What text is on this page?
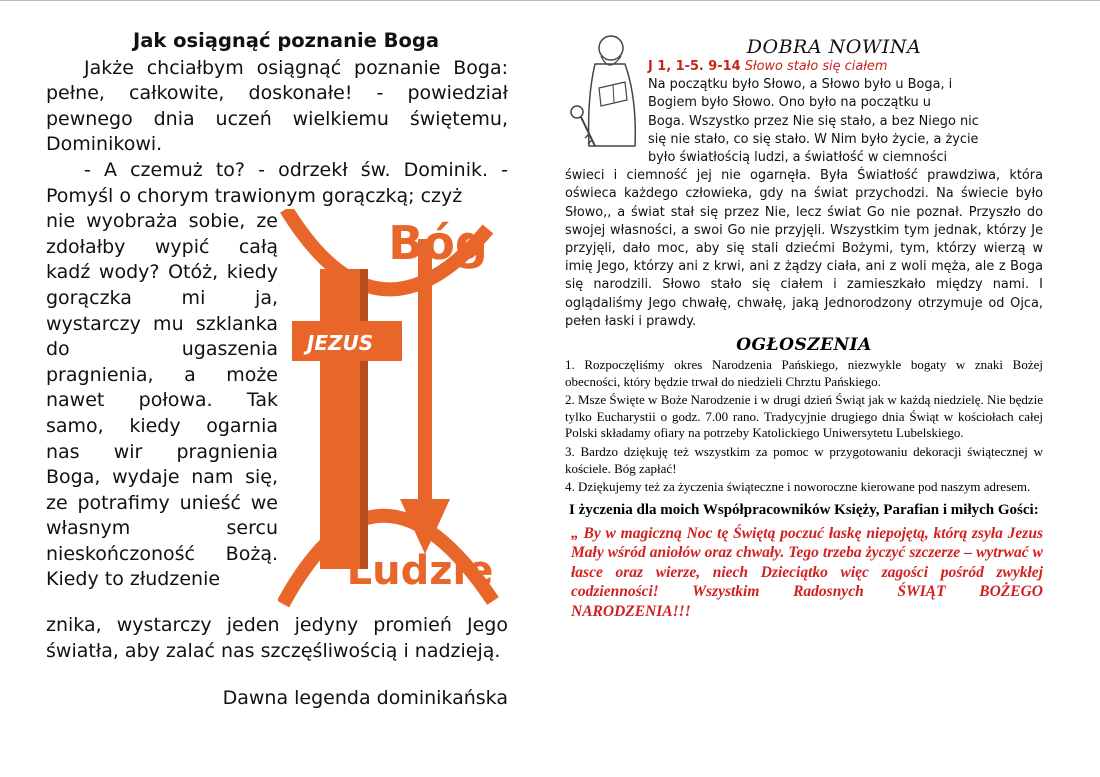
Jak osiągnąć poznanie Boga

Jakże chciałbym osiągnąć poznanie Boga: pełne, całkowite, doskonałe! - powiedział pewnego dnia uczeń wielkiemu świętemu, Dominikowi.

- A czemuż to? - odrzekł św. Dominik. - Pomyśl o chorym trawionym gorączką; czyż

nie wyobraża sobie, ze zdołałby wypić całą kadź wody? Otóż, kiedy gorączka mi ja, wystarczy mu szklanka do ugaszenia pragnienia, a może nawet połowa. Tak samo, kiedy ogarnia nas wir pragnienia Boga, wydaje nam się, ze potrafimy unieść we własnym sercu nieskończoność Bożą. Kiedy to złudzenie
Bóg
JEZUS
Ludzie

znika, wystarczy jeden jedyny promień Jego światła, aby zalać nas szczęśliwością i nadzieją.

Dawna legenda dominikańska
DOBRA NOWINA
J 1, 1-5. 9-14 Słowo stało się ciałem
Na początku było Słowo, a Słowo było u Boga, i
Bogiem było Słowo. Ono było na początku u
Boga. Wszystko przez Nie się stało, a bez Niego nic
się nie stało, co się stało. W Nim było życie, a życie
było światłością ludzi, a światłość w ciemności
świeci i ciemność jej nie ogarnęła. Była Światłość prawdziwa, która oświeca każdego człowieka, gdy na świat przychodzi. Na świecie było Słowo,, a świat stał się przez Nie, lecz świat Go nie poznał. Przyszło do swojej własności, a swoi Go nie przyjęli. Wszystkim tym jednak, którzy Je przyjęli, dało moc, aby się stali dziećmi Bożymi, tym, którzy wierzą w imię Jego, którzy ani z krwi, ani z żądzy ciała, ani z woli męża, ale z Boga się narodzili. Słowo stało się ciałem i zamieszkało między nami. I oglądaliśmy Jego chwałę, chwałę, jaką Jednorodzony otrzymuje od Ojca, pełen łaski i prawdy.
OGŁOSZENIA

1. Rozpoczęliśmy okres Narodzenia Pańskiego, niezwykle bogaty w znaki Bożej obecności, który będzie trwał do niedzieli Chrztu Pańskiego.

2. Msze Święte w Boże Narodzenie i w drugi dzień Świąt jak w każdą niedzielę. Nie będzie tylko Eucharystii o godz. 7.00 rano. Tradycyjnie drugiego dnia Świąt w kościołach całej Polski składamy ofiary na potrzeby Katolickiego Uniwersytetu Lubelskiego.

3. Bardzo dziękuję też wszystkim za pomoc w przygotowaniu dekoracji świątecznej w kościele. Bóg zapłać!

4. Dziękujemy też za życzenia świąteczne i noworoczne kierowane pod naszym adresem.

I życzenia dla moich Współpracowników Księży, Parafian i miłych Gości:
„ By w magiczną Noc tę Świętą poczuć łaskę niepojętą, którą zsyła Jezus Mały wśród aniołów oraz chwały. Tego trzeba życzyć szczerze – wytrwać w łasce oraz wierze, niech Dzieciątko więc zagości pośród zwykłej codzienności! Wszystkim Radosnych ŚWIĄT BOŻEGO NARODZENIA!!!
